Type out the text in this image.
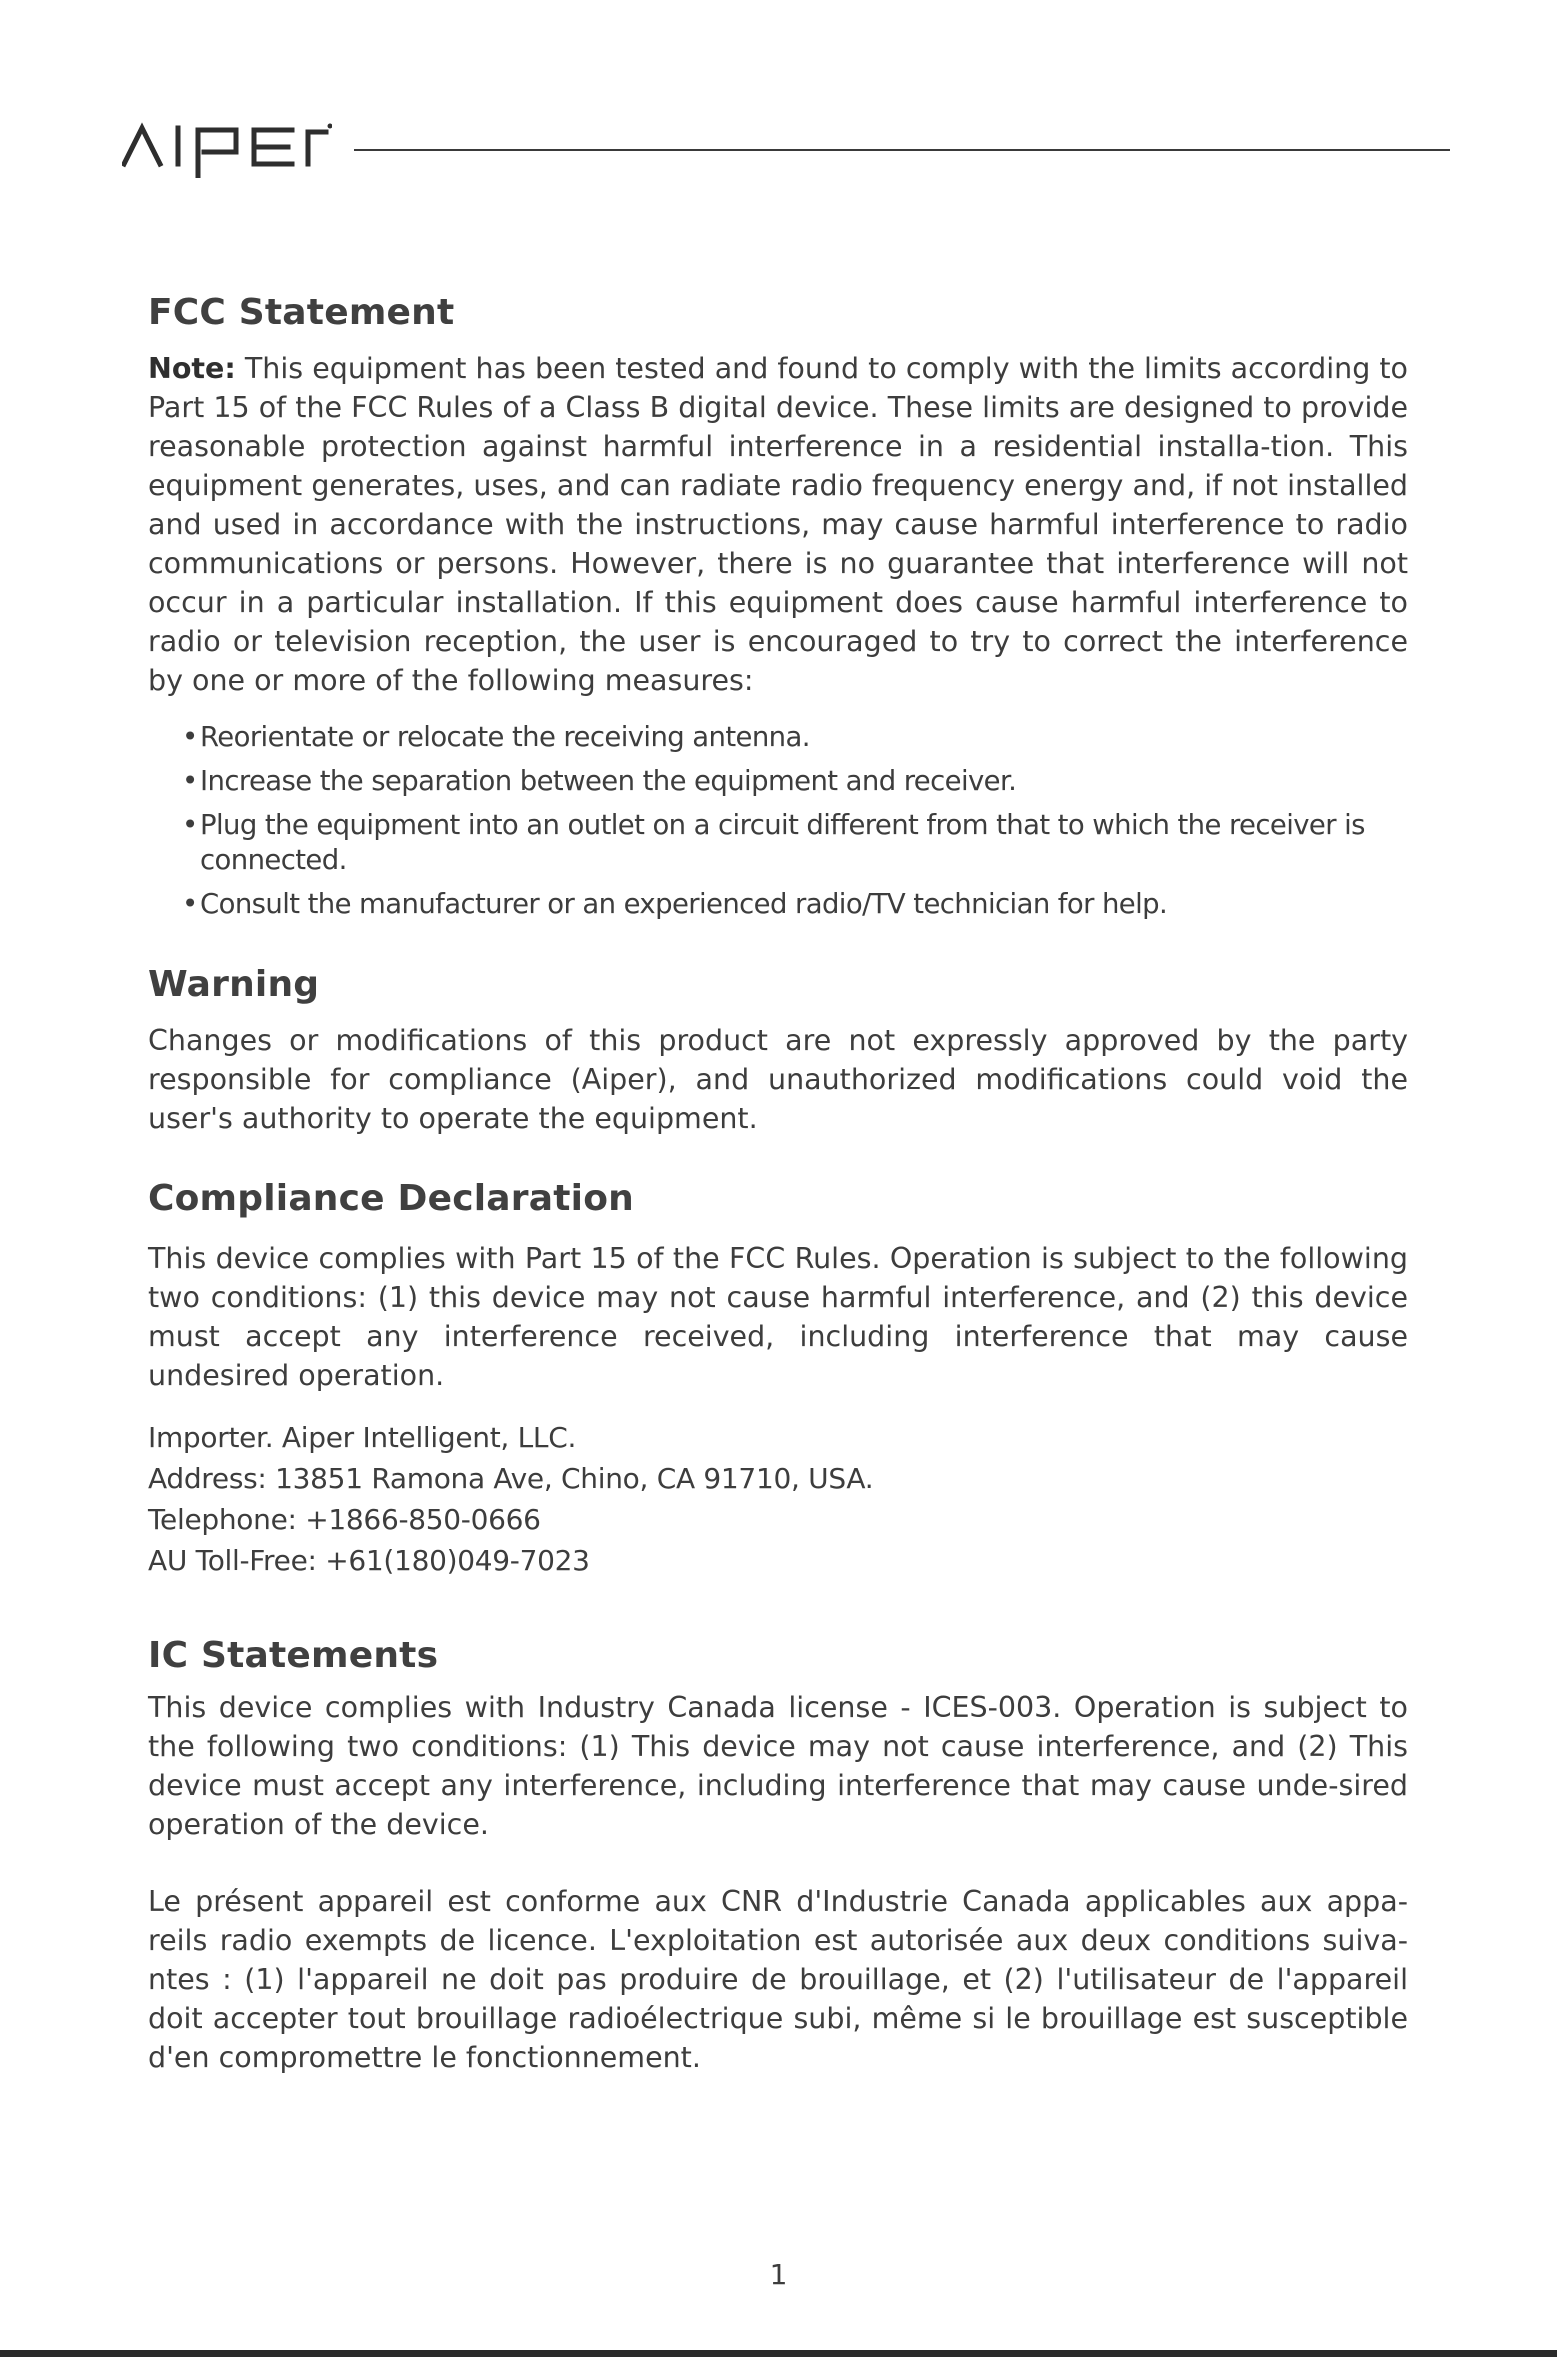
FCC Statement

Note: This equipment has been tested and found to comply with the limits according to Part 15 of the FCC Rules of a Class B digital device. These limits are designed to provide reasonable protection against harmful interference in a residential installa-tion. This equipment generates, uses, and can radiate radio frequency energy and, if not installed and used in accordance with the instructions, may cause harmful interference to radio communications or persons. However, there is no guarantee that interference will not occur in a particular installation. If this equipment does cause harmful interference to radio or television reception, the user is encouraged to try to correct the interference by one or more of the following measures:

• Reorientate or relocate the receiving antenna.
• Increase the separation between the equipment and receiver.
• Plug the equipment into an outlet on a circuit different from that to which the receiver is connected.
• Consult the manufacturer or an experienced radio/TV technician for help.
Warning

Changes or modifications of this product are not expressly approved by the party responsible for compliance (Aiper), and unauthorized modifications could void the user's authority to operate the equipment.

Compliance Declaration

This device complies with Part 15 of the FCC Rules. Operation is subject to the following two conditions: (1) this device may not cause harmful interference, and (2) this device must accept any interference received, including interference that may cause undesired operation.

Importer. Aiper Intelligent, LLC.
Address: 13851 Ramona Ave, Chino, CA 91710, USA.
Telephone: +1866-850-0666
AU Toll-Free: +61(180)049-7023
IC Statements

This device complies with Industry Canada license - ICES-003. Operation is subject to the following two conditions: (1) This device may not cause interference, and (2) This device must accept any interference, including interference that may cause unde-sired operation of the device.

Le présent appareil est conforme aux CNR d'Industrie Canada applicables aux appa-reils radio exempts de licence. L'exploitation est autorisée aux deux conditions suiva-ntes : (1) l'appareil ne doit pas produire de brouillage, et (2) l'utilisateur de l'appareil doit accepter tout brouillage radioélectrique subi, même si le brouillage est susceptible d'en compromettre le fonctionnement.

1
